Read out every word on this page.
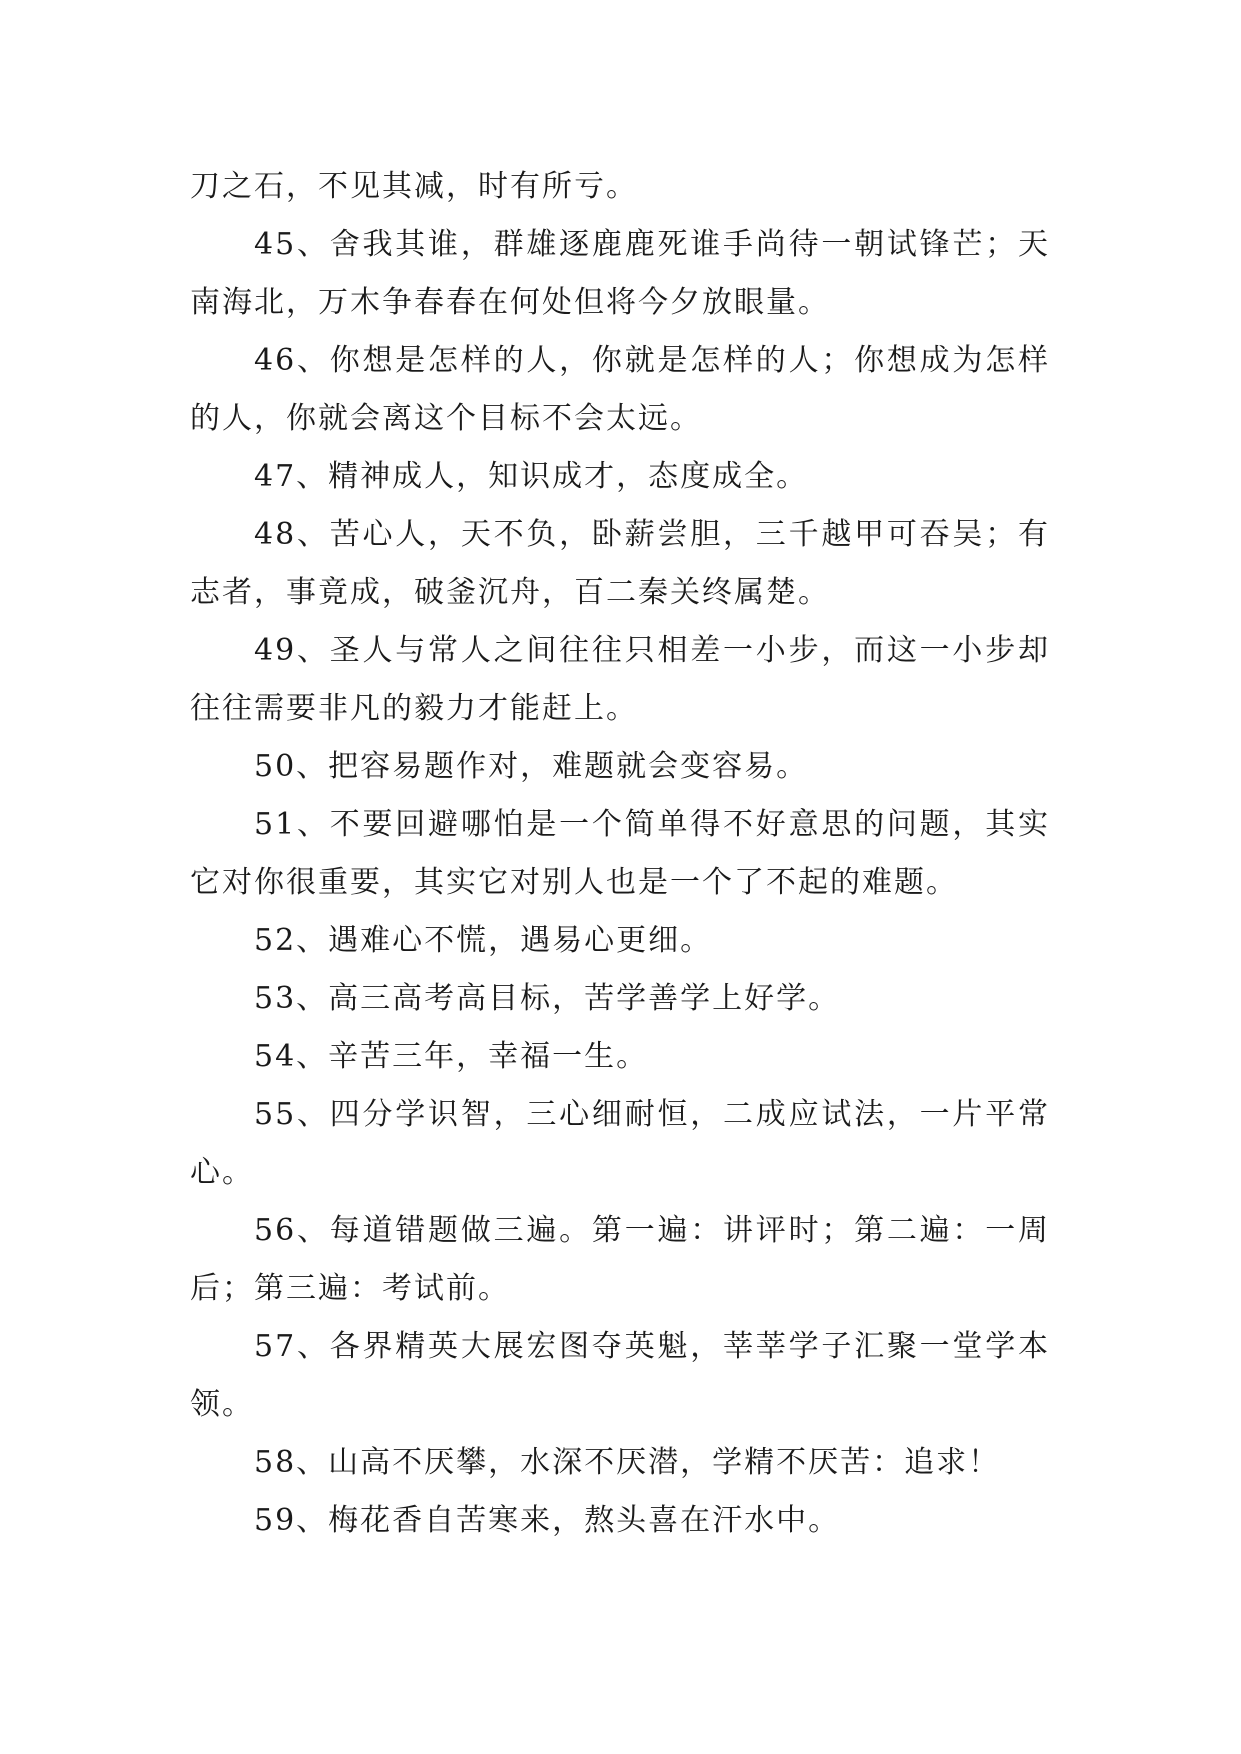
刀之石，不见其减，时有所亏。

45、舍我其谁，群雄逐鹿鹿死谁手尚待一朝试锋芒；天南海北，万木争春春在何处但将今夕放眼量。

46、你想是怎样的人，你就是怎样的人；你想成为怎样的人，你就会离这个目标不会太远。

47、精神成人，知识成才，态度成全。

48、苦心人，天不负，卧薪尝胆，三千越甲可吞吴；有志者，事竟成，破釜沉舟，百二秦关终属楚。

49、圣人与常人之间往往只相差一小步，而这一小步却往往需要非凡的毅力才能赶上。

50、把容易题作对，难题就会变容易。

51、不要回避哪怕是一个简单得不好意思的问题，其实它对你很重要，其实它对别人也是一个了不起的难题。

52、遇难心不慌，遇易心更细。

53、高三高考高目标，苦学善学上好学。

54、辛苦三年，幸福一生。

55、四分学识智，三心细耐恒，二成应试法，一片平常心。

56、每道错题做三遍。第一遍：讲评时；第二遍：一周后；第三遍：考试前。

57、各界精英大展宏图夺英魁，莘莘学子汇聚一堂学本领。

58、山高不厌攀，水深不厌潜，学精不厌苦：追求！

59、梅花香自苦寒来，熬头喜在汗水中。
